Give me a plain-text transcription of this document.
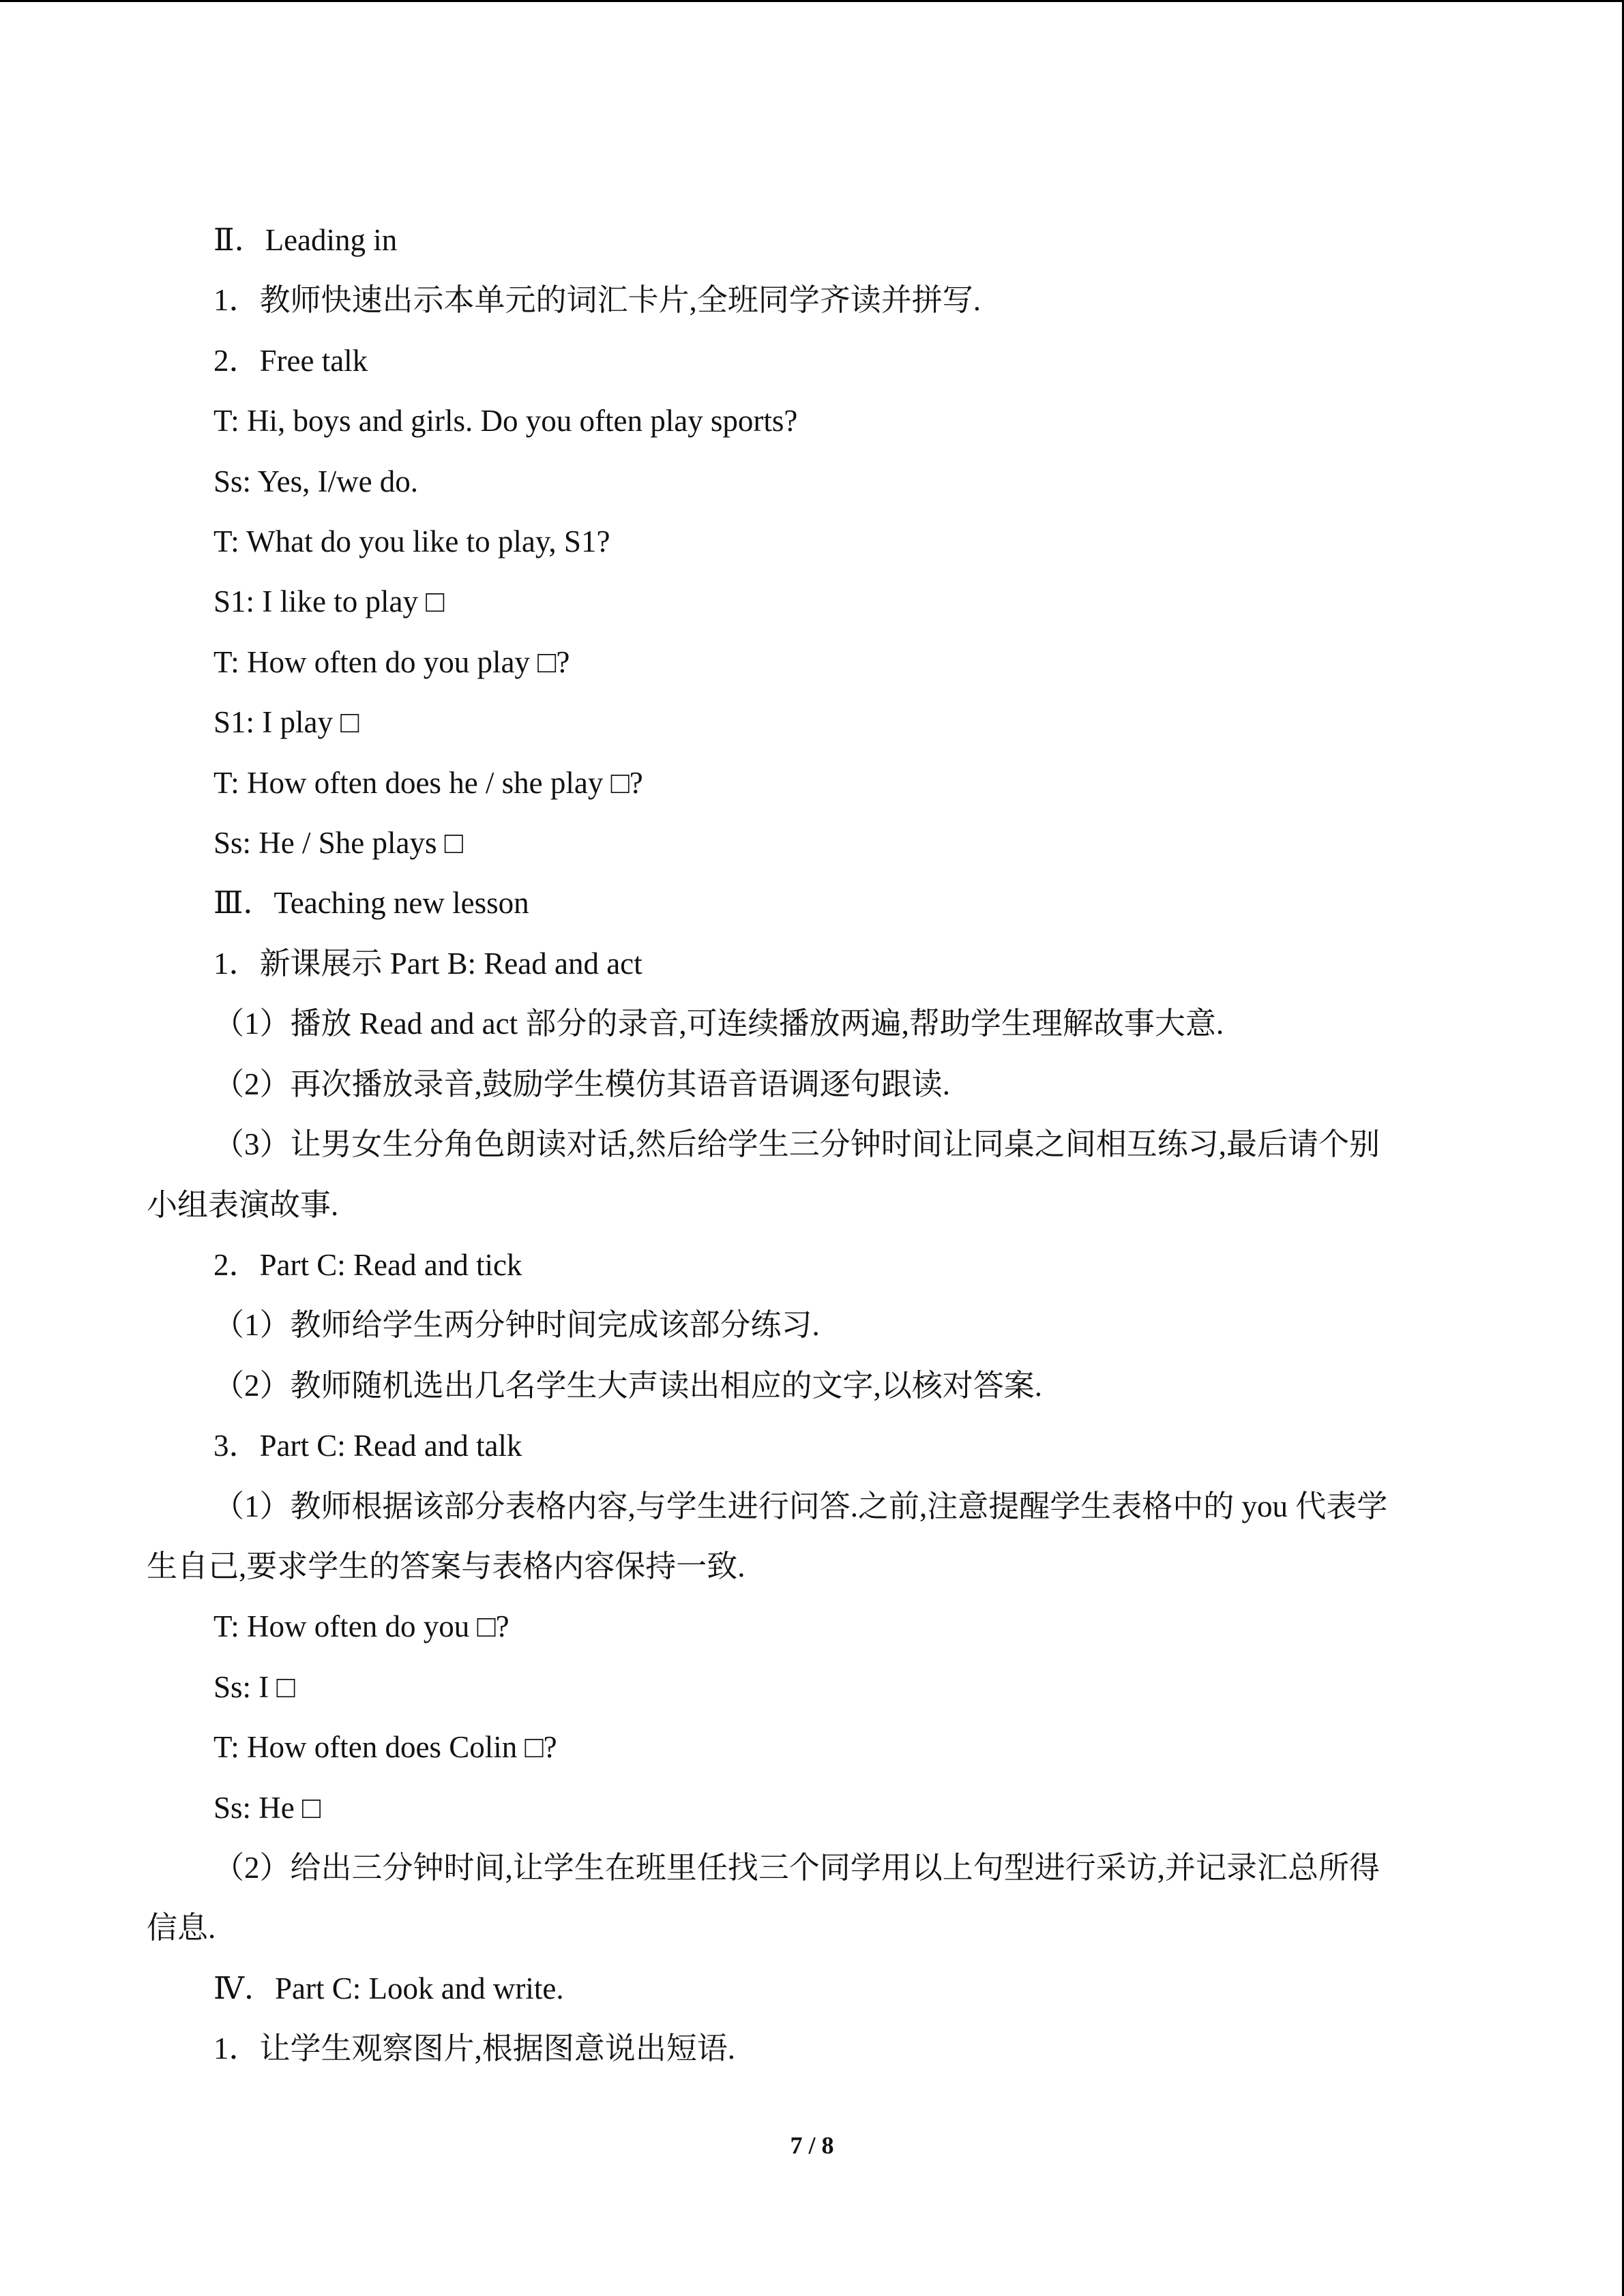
Ⅱ．Leading in
1．教师快速出示本单元的词汇卡片,全班同学齐读并拼写.
2．Free talk
T: Hi, boys and girls. Do you often play sports?
Ss: Yes, I/we do.
T: What do you like to play, S1?
S1: I like to play □
T: How often do you play □?
S1: I play □
T: How often does he / she play □?
Ss: He / She plays □
Ⅲ．Teaching new lesson
1．新课展示 Part B: Read and act
（1）播放 Read and act 部分的录音,可连续播放两遍,帮助学生理解故事大意.
（2）再次播放录音,鼓励学生模仿其语音语调逐句跟读.
（3）让男女生分角色朗读对话,然后给学生三分钟时间让同桌之间相互练习,最后请个别
小组表演故事.
2．Part C: Read and tick
（1）教师给学生两分钟时间完成该部分练习.
（2）教师随机选出几名学生大声读出相应的文字,以核对答案.
3．Part C: Read and talk
（1）教师根据该部分表格内容,与学生进行问答.之前,注意提醒学生表格中的 you 代表学
生自己,要求学生的答案与表格内容保持一致.
T: How often do you □?
Ss: I □
T: How often does Colin □?
Ss: He □
（2）给出三分钟时间,让学生在班里任找三个同学用以上句型进行采访,并记录汇总所得
信息.
Ⅳ．Part C: Look and write.
1．让学生观察图片,根据图意说出短语.
7 / 8
